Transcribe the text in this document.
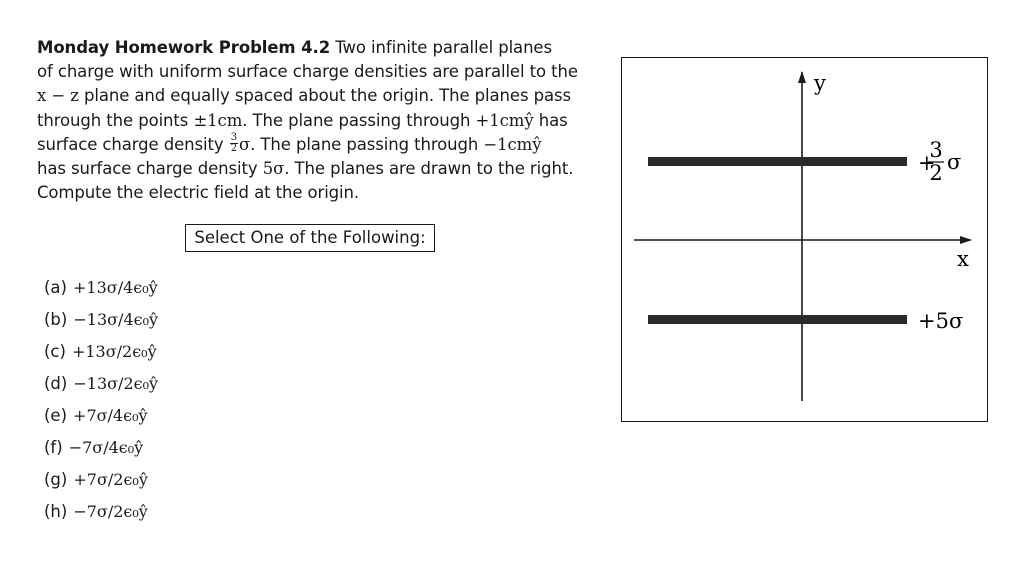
Monday Homework Problem 4.2 Two infinite parallel planes
of charge with uniform surface charge densities are parallel to the
x − z plane and equally spaced about the origin. The planes pass
through the points ±1cm. The plane passing through +1cmŷ has
surface charge density $\frac{3}{2} \sigma$. The plane passing through −1cmŷ
has surface charge density 5σ. The planes are drawn to the right.
Compute the electric field at the origin.
Select One of the Following:
(a) +13σ/4ϵ₀ŷ
(b) −13σ/4ϵ₀ŷ
(c) +13σ/2ϵ₀ŷ
(d) −13σ/2ϵ₀ŷ
(e) +7σ/4ϵ₀ŷ
(f) −7σ/4ϵ₀ŷ
(g) +7σ/2ϵ₀ŷ
(h) −7σ/2ϵ₀ŷ
y
x
+
3
2 σ
+5σ
